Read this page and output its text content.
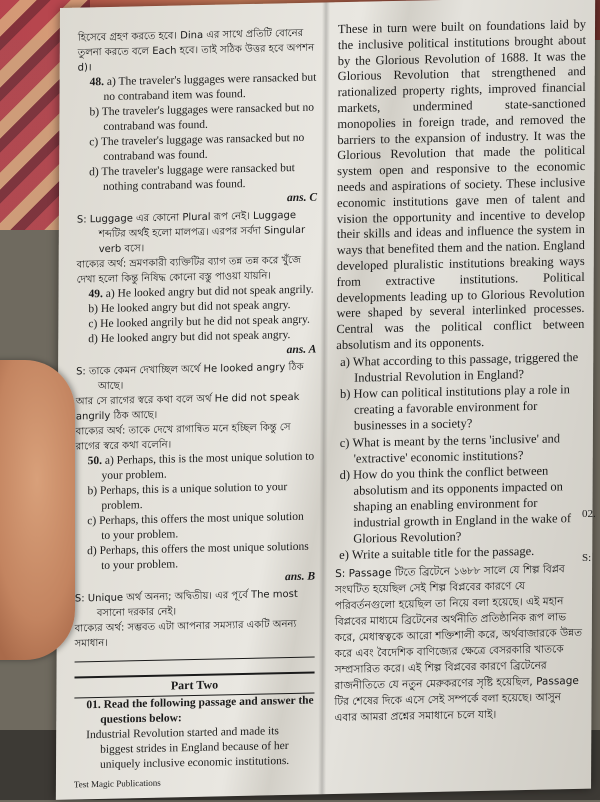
হিসেবে গ্রহণ করতে হবে। Dina এর সাথে প্রতিটি বোনের তুলনা করতে বলে Each হবে। তাই সঠিক উত্তর হবে অপশন d)।

48. a) The traveler's luggages were ransacked but no contraband item was found.

b) The traveler's luggages were ransacked but no contraband was found.

c) The traveler's luggage was ransacked but no contraband was found.

d) The traveler's luggage were ransacked but nothing contraband was found.

ans. C

S: Luggage এর কোনো Plural রূপ নেই। Luggage শব্দটির অর্থই হলো মালপত্র। এরপর সর্বদা Singular verb বসে।

বাক্যের অর্থ: ভ্রমণকারী ব্যক্তিটির ব্যাগ তন্ন তন্ন করে খুঁজে দেখা হলো কিন্তু নিষিদ্ধ কোনো বস্তু পাওয়া যায়নি।

49. a) He looked angry but did not speak angrily.

b) He looked angry but did not speak angry.

c) He looked angrily but he did not speak angry.

d) He looked angry but did not speak angry.

ans. A

S: তাকে কেমন দেখাচ্ছিল অর্থে He looked angry ঠিক আছে।

আর সে রাগের স্বরে কথা বলে অর্থ He did not speak angrily ঠিক আছে।

বাক্যের অর্থ: তাকে দেখে রাগান্বিত মনে হচ্ছিল কিন্তু সে রাগের স্বরে কথা বলেনি।

50. a) Perhaps, this is the most unique solution to your problem.

b) Perhaps, this is a unique solution to your problem.

c) Perhaps, this offers the most unique solution to your problem.

d) Perhaps, this offers the most unique solutions to your problem.

ans. B

S: Unique অর্থ অনন্য; অদ্বিতীয়। এর পূর্বে The most বসানো দরকার নেই।

বাক্যের অর্থ: সম্ভবত এটা আপনার সমস্যার একটি অনন্য সমাধান।

Part Two

01. Read the following passage and answer the questions below:

Industrial Revolution started and made its biggest strides in England because of her uniquely inclusive economic institutions.

Test Magic Publications

These in turn were built on foundations laid by the inclusive political institutions brought about by the Glorious Revolution of 1688. It was the Glorious Revolution that strengthened and rationalized property rights, improved financial markets, undermined state-sanctioned monopolies in foreign trade, and removed the barriers to the expansion of industry. It was the Glorious Revolution that made the political system open and responsive to the economic needs and aspirations of society. These inclusive economic institutions gave men of talent and vision the opportunity and incentive to develop their skills and ideas and influence the system in ways that benefited them and the nation. England developed pluralistic institutions breaking ways from extractive institutions. Political developments leading up to Glorious Revolution were shaped by several interlinked processes. Central was the political conflict between absolutism and its opponents.

a) What according to this passage, triggered the Industrial Revolution in England?

b) How can political institutions play a role in creating a favorable environment for businesses in a society?

c) What is meant by the terns 'inclusive' and 'extractive' economic institutions?

d) How do you think the conflict between absolutism and its opponents impacted on shaping an enabling environment for industrial growth in England in the wake of Glorious Revolution?

e) Write a suitable title for the passage.

S: Passage টিতে ব্রিটেনে ১৬৮৮ সালে যে শিল্প বিপ্লব সংঘটিত হয়েছিল সেই শিল্প বিপ্লবের কারণে যে পরিবর্তনগুলো হয়েছিল তা নিয়ে বলা হয়েছে। এই মহান বিপ্লবের মাধ্যমে ব্রিটেনের অর্থনীতি প্রতিষ্ঠানিক রূপ লাভ করে, মেধাস্বত্বকে আরো শক্তিশালী করে, অর্থবাজারকে উন্নত করে এবং বৈদেশিক বাণিজ্যের ক্ষেত্রে বেসরকারি খাতকে সম্প্রসারিত করে। এই শিল্প বিপ্লবের কারণে ব্রিটেনের রাজনীতিতে যে নতুন মেরুকরণের সৃষ্টি হয়েছিল, Passage টির শেষের দিকে এসে সেই সম্পর্কে বলা হয়েছে। আসুন এবার আমরা প্রশ্নের সমাধানে চলে যাই।

02.
S:
